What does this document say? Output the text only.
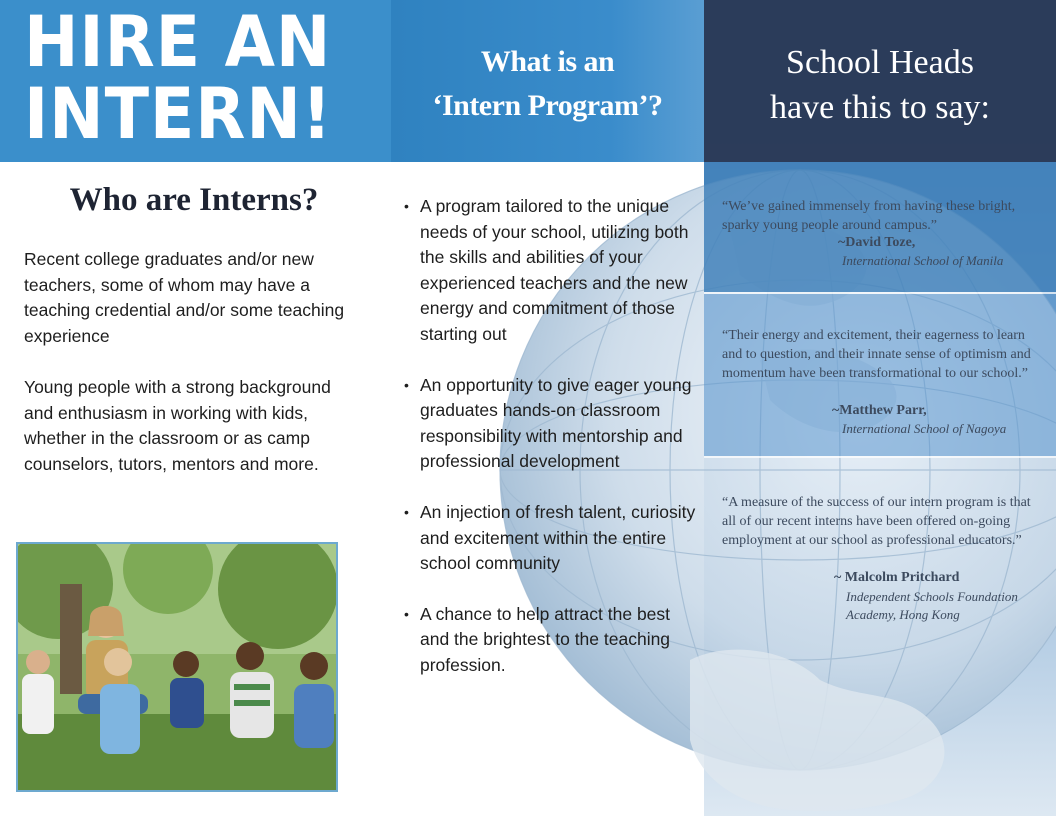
HIRE AN
INTERN!
What is an
‘Intern Program’?
School Heads
have this to say:
Who are Interns?

Recent college graduates and/or new teachers, some of whom may have a teaching credential and/or some teaching experience

Young people with a strong background and enthusiasm in working with kids, whether in the classroom or as camp counselors, tutors, mentors and more.

• A program tailored to the unique needs of your school, utilizing both the skills and abilities of your experienced teachers and the new energy and commitment of those starting out
• An opportunity to give eager young graduates hands-on classroom responsibility with mentorship and professional development
• An injection of fresh talent, curiosity and excitement within the entire school community
• A chance to help attract the best and the brightest to the teaching profession.

“We’ve gained immensely from having these bright, sparky young people around campus.”

~David Toze,
International School of Manila

“Their energy and excitement, their eagerness to learn and to question, and their innate sense of optimism and momentum have been transformational to our school.”

~Matthew Parr,
International School of Nagoya

“A measure of the success of our intern program is that all of our recent interns have been offered on-going employment at our school as professional educators.”

~ Malcolm Pritchard
Independent Schools Foundation Academy, Hong Kong
